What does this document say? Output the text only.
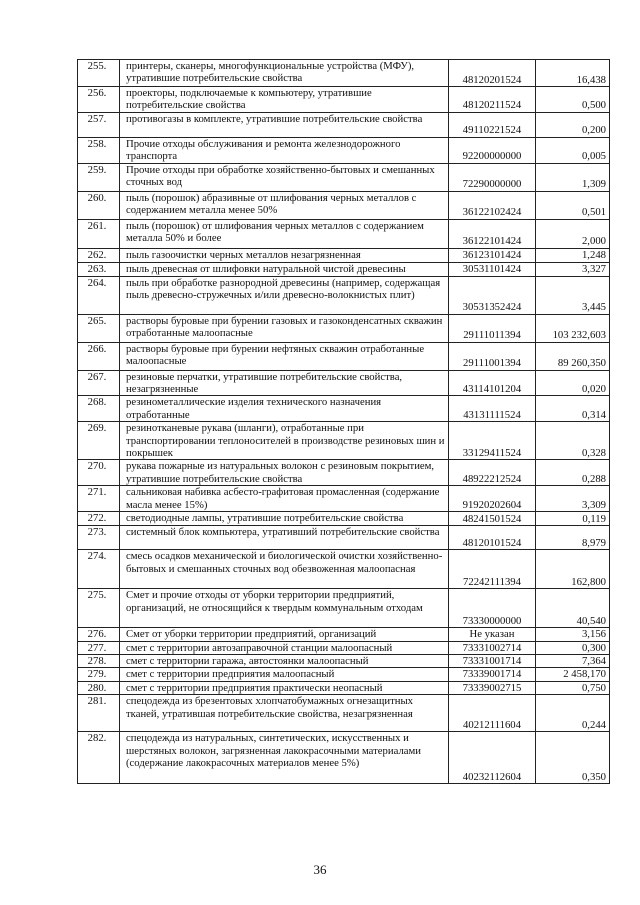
255.	принтеры, сканеры, многофункциональные устройства (МФУ), утратившие потребительские свойства	48120201524	16,438
256.	проекторы, подключаемые к компьютеру, утратившие потребительские свойства	48120211524	0,500
257.	противогазы в комплекте, утратившие потребительские свойства	49110221524	0,200
258.	Прочие отходы обслуживания и ремонта железнодорожного транспорта	92200000000	0,005
259.	Прочие отходы при обработке хозяйственно-бытовых и смешанных сточных вод	72290000000	1,309
260.	пыль (порошок) абразивные от шлифования черных металлов с содержанием металла менее 50%	36122102424	0,501
261.	пыль (порошок) от шлифования черных металлов с содержанием металла 50% и более	36122101424	2,000
262.	пыль газоочистки черных металлов незагрязненная	36123101424	1,248
263.	пыль древесная от шлифовки натуральной чистой древесины	30531101424	3,327
264.	пыль при обработке разнородной древесины (например, содержащая пыль древесно-стружечных и/или древесно-волокнистых плит)	30531352424	3,445
265.	растворы буровые при бурении газовых и газоконденсатных скважин отработанные малоопасные	29111011394	103 232,603
266.	растворы буровые при бурении нефтяных скважин отработанные малоопасные	29111001394	89 260,350
267.	резиновые перчатки, утратившие потребительские свойства, незагрязненные	43114101204	0,020
268.	резинометаллические изделия технического назначения отработанные	43131111524	0,314
269.	резинотканевые рукава (шланги), отработанные при транспортировании теплоносителей в производстве резиновых шин и покрышек	33129411524	0,328
270.	рукава пожарные из натуральных волокон с резиновым покрытием, утратившие потребительские свойства	48922212524	0,288
271.	сальниковая набивка асбесто-графитовая промасленная (содержание масла менее 15%)	91920202604	3,309
272.	светодиодные лампы, утратившие потребительские свойства	48241501524	0,119
273.	системный блок компьютера, утративший потребительские свойства	48120101524	8,979
274.	смесь осадков механической и биологической очистки хозяйственно-бытовых и смешанных сточных вод обезвоженная малоопасная	72242111394	162,800
275.	Смет и прочие отходы от уборки территории предприятий, организаций, не относящийся к твердым коммунальным отходам	73330000000	40,540
276.	Смет от уборки территории предприятий, организаций	Не указан	3,156
277.	смет с территории автозаправочной станции малоопасный	73331002714	0,300
278.	смет с территории гаража, автостоянки малоопасный	73331001714	7,364
279.	смет с территории предприятия малоопасный	73339001714	2 458,170
280.	смет с территории предприятия практически неопасный	73339002715	0,750
281.	спецодежда из брезентовых хлопчатобумажных огнезащитных тканей, утратившая потребительские свойства, незагрязненная	40212111604	0,244
282.	спецодежда из натуральных, синтетических, искусственных и шерстяных волокон, загрязненная лакокрасочными материалами (содержание лакокрасочных материалов менее 5%)	40232112604	0,350
36
